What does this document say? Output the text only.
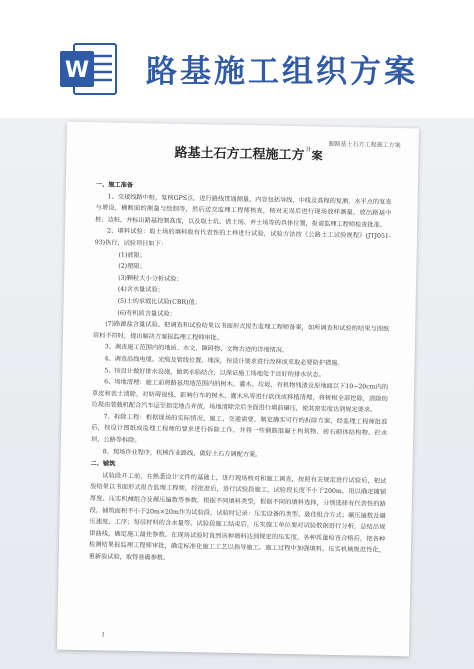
W 路基施工组织方案
脚路基土石方工程施工方案
路基土石方工程施工方$^计$案

一、施工准备

1、交接线路中桩，复核GPS点，进行路线贯通测量，内容包括导线、中线及高程的复测，水平点的复查与增设，横断面的测量与绘制等，然后送交监理工程师核查，核对无误后进行现场放样测量，放出路基中桩、边桩，并标出路基控制高度，以及取土坑、借土场、弃土场等的具体位置，报请监理工程师检查批准。

2、填料试验：取土场的填料取有代表性的土样进行试验，试验方法按《公路土工试验规程》(JTJ051-93)执行，试验项目如下：

(1)液限；

(2)塑限；

(3)颗粒大小分析试验；

(4)含水量试验；

(5)土的承载比试验(CBR)值；

(6)有机质含量试验；

(7)路源盐含量试验。把调查和试验结果以书面形式报告监理工程师备案，如所调查和试验的结果与图纸资料不符时，提出解决方案报监理工程师审批。

3、调查施工范围内的地质、水文、障碍物、文物古迹的详细情况。

4、调查沿线电缆、光缆及管线位置、埋深，按设计要求进行改移或采取必要防护措施。

5、按设计做好排水设施，做到永临结合，以保证施工场地处于良好的排水状态。

6、场地清理：施工前将路基用地范围内的树木、灌木、垃圾、有机物残渣及原地面以下10~20cm内的草皮和表土清除，对妨碍视线、影响行车的树木、灌木丛等进行砍伐或移植清理，将树根全部挖除，清除的垃圾由装载机配合汽车运至指定地点弃放，场地清除完后全面进行填前碾压，使其密实度达到规定要求。

7、拆除工程：根据现场的实际情况、施工、交通需要，制定确实可行的拆除方案，经监理工程师批准后，按设计图纸或监理工程师的要求进行拆除工作，并将一些钢筋混凝土构筑物、砖石砌体结构物、拦水坝、公路等拆除。

8、现场作业程序，机械作业路线，做好土石方调配方案。

二、铺筑

试验段开工前，在熟悉设计文件的基础上，进行现场核对和施工调查，按照有关规定进行试验后，把试验结果以书面形式报告监理工程师，经批准后，进行试验段施工，试验段长度不小于200m，用以确定摊铺厚度、压实机械组合及碾压遍数等参数。根据不同填料类型，根据不同的填料选择，分别选择有代表性的路段，铺筑面积不小于20m×20m作为试验段，试验时记录：压实设备的类型、最佳组合方式；碾压遍数及碾压速度、工序；每层材料的含水量等。试验段施工结束后，压实施工单位要对试验数据进行分析，总结出规律曲线，确定施工最佳参数。在现场试验时直到该种填料达到规定的压实度，各种质量检查合格后，把各种检测结果报监理工程师审批，确定标准化施工工艺以指导施工。施工过程中加强填料、压实机械规范性化，重新验试验，取得准确参数。

1
